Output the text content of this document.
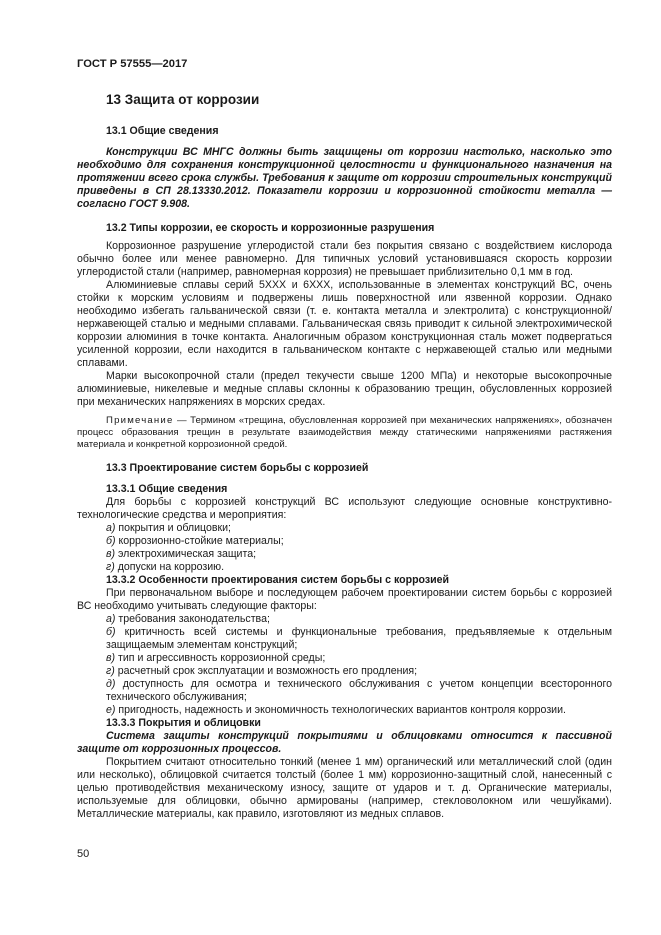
ГОСТ Р 57555—2017
13 Защита от коррозии
13.1 Общие сведения

Конструкции ВС МНГС должны быть защищены от коррозии настолько, насколько это необходимо для сохранения конструкционной целостности и функционального назначения на протяжении всего срока службы. Требования к защите от коррозии строительных конструкций приведены в СП 28.13330.2012. Показатели коррозии и коррозионной стойкости металла — согласно ГОСТ 9.908.

13.2 Типы коррозии, ее скорость и коррозионные разрушения

Коррозионное разрушение углеродистой стали без покрытия связано с воздействием кислорода обычно более или менее равномерно. Для типичных условий установившаяся скорость коррозии углеродистой стали (например, равномерная коррозия) не превышает приблизительно 0,1 мм в год.

Алюминиевые сплавы серий 5XXX и 6XXX, использованные в элементах конструкций ВС, очень стойки к морским условиям и подвержены лишь поверхностной или язвенной коррозии. Однако необходимо избегать гальванической связи (т. е. контакта металла и электролита) с конструкционной/нержавеющей сталью и медными сплавами. Гальваническая связь приводит к сильной электрохимической коррозии алюминия в точке контакта. Аналогичным образом конструкционная сталь может подвергаться усиленной коррозии, если находится в гальваническом контакте с нержавеющей сталью или медными сплавами.

Марки высокопрочной стали (предел текучести свыше 1200 МПа) и некоторые высокопрочные алюминиевые, никелевые и медные сплавы склонны к образованию трещин, обусловленных коррозией при механических напряжениях в морских средах.

Примечание — Термином «трещина, обусловленная коррозией при механических напряжениях», обозначен процесс образования трещин в результате взаимодействия между статическими напряжениями растяжения материала и конкретной коррозионной средой.

13.3 Проектирование систем борьбы с коррозией
13.3.1 Общие сведения

Для борьбы с коррозией конструкций ВС используют следующие основные конструктивно-технологические средства и мероприятия:

а) покрытия и облицовки;
б) коррозионно-стойкие материалы;
в) электрохимическая защита;
г) допуски на коррозию.
13.3.2 Особенности проектирования систем борьбы с коррозией

При первоначальном выборе и последующем рабочем проектировании систем борьбы с коррозией ВС необходимо учитывать следующие факторы:

а) требования законодательства;
б) критичность всей системы и функциональные требования, предъявляемые к отдельным защищаемым элементам конструкций;
в) тип и агрессивность коррозионной среды;
г) расчетный срок эксплуатации и возможность его продления;
д) доступность для осмотра и технического обслуживания с учетом концепции всесторонного технического обслуживания;
е) пригодность, надежность и экономичность технологических вариантов контроля коррозии.
13.3.3 Покрытия и облицовки

Система защиты конструкций покрытиями и облицовками относится к пассивной защите от коррозионных процессов.

Покрытием считают относительно тонкий (менее 1 мм) органический или металлический слой (один или несколько), облицовкой считается толстый (более 1 мм) коррозионно-защитный слой, нанесенный с целью противодействия механическому износу, защите от ударов и т. д. Органические материалы, используемые для облицовки, обычно армированы (например, стекловолокном или чешуйками). Металлические материалы, как правило, изготовляют из медных сплавов.

50
